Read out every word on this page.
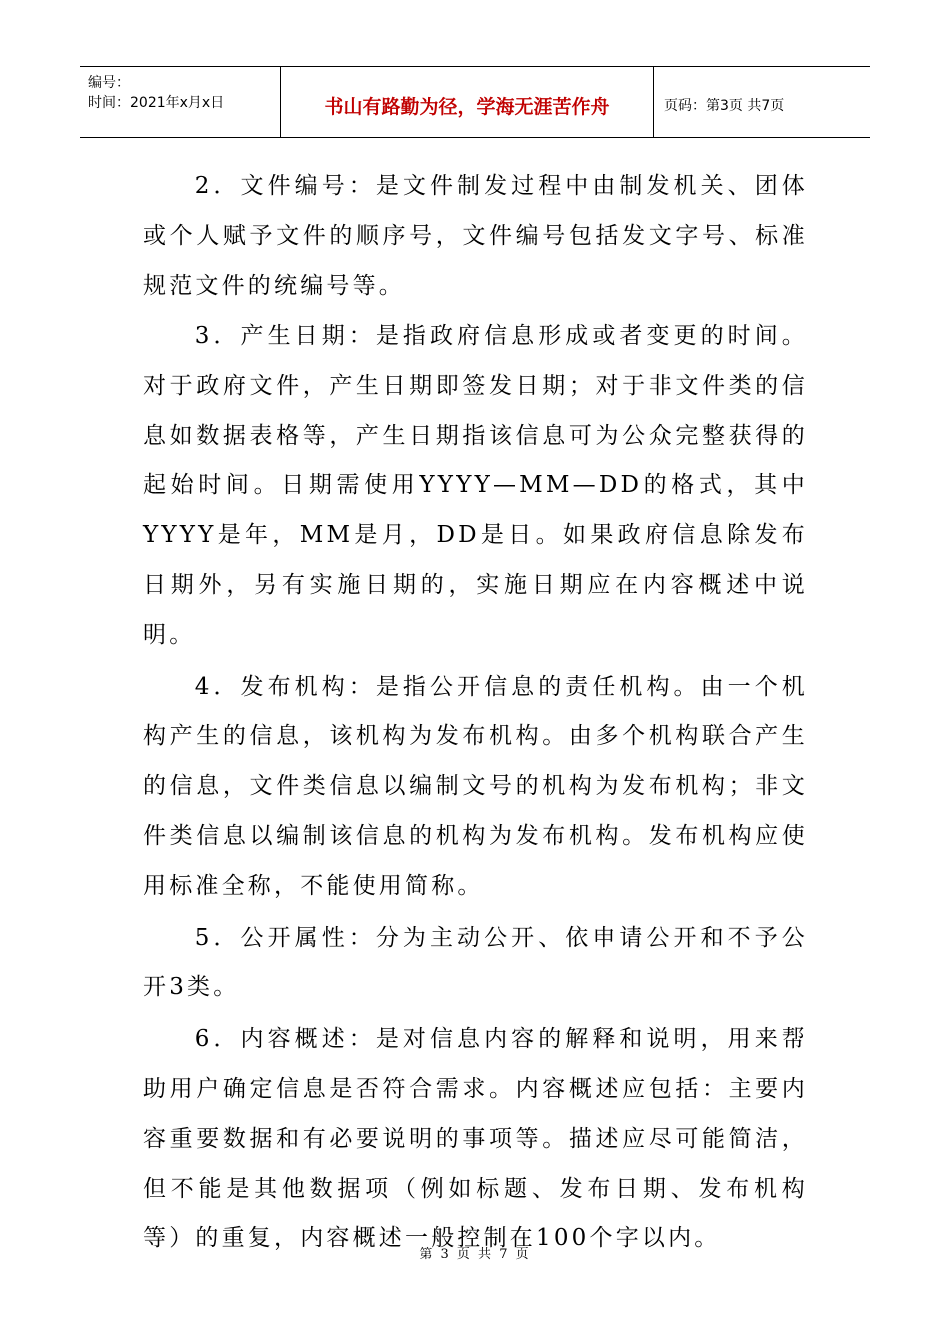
编号：
时间：2021年x月x日	书山有路勤为径，学海无涯苦作舟	页码：第3页 共7页

2．文件编号：是文件制发过程中由制发机关、团体或个人赋予文件的顺序号，文件编号包括发文字号、标准规范文件的统编号等。

3．产生日期：是指政府信息形成或者变更的时间。对于政府文件，产生日期即签发日期；对于非文件类的信息如数据表格等，产生日期指该信息可为公众完整获得的起始时间。日期需使用YYYY—MM—DD的格式，其中YYYY是年，MM是月，DD是日。如果政府信息除发布日期外，另有实施日期的，实施日期应在内容概述中说明。

4．发布机构：是指公开信息的责任机构。由一个机构产生的信息，该机构为发布机构。由多个机构联合产生的信息，文件类信息以编制文号的机构为发布机构；非文件类信息以编制该信息的机构为发布机构。发布机构应使用标准全称，不能使用简称。

5．公开属性：分为主动公开、依申请公开和不予公开3类。

6．内容概述：是对信息内容的解释和说明，用来帮助用户确定信息是否符合需求。内容概述应包括：主要内容重要数据和有必要说明的事项等。描述应尽可能简洁，但不能是其他数据项（例如标题、发布日期、发布机构等）的重复，内容概述一般控制在100个字以内。

第 3 页 共 7 页
